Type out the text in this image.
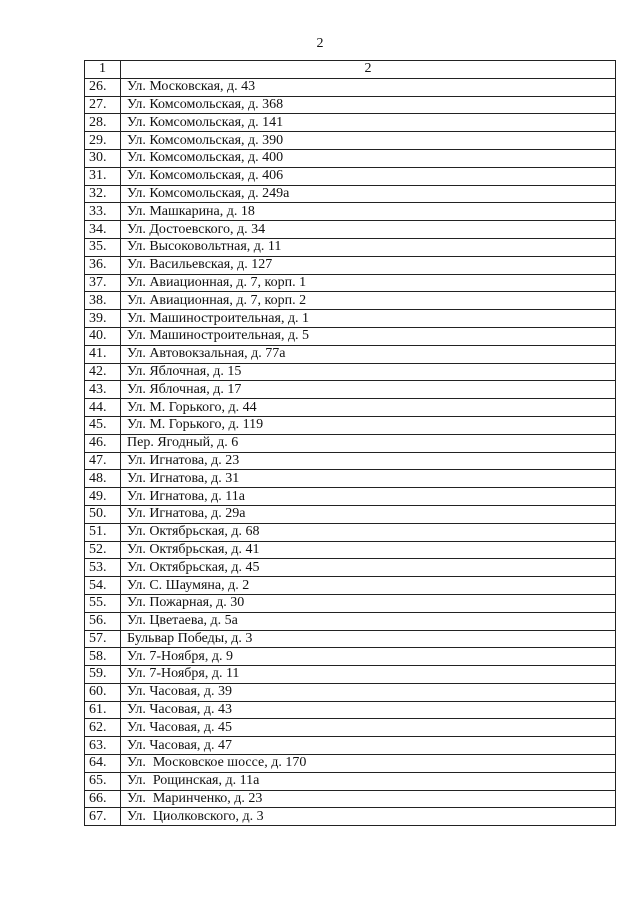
2
1	2
26.	Ул. Московская, д. 43
27.	Ул. Комсомольская, д. 368
28.	Ул. Комсомольская, д. 141
29.	Ул. Комсомольская, д. 390
30.	Ул. Комсомольская, д. 400
31.	Ул. Комсомольская, д. 406
32.	Ул. Комсомольская, д. 249а
33.	Ул. Машкарина, д. 18
34.	Ул. Достоевского, д. 34
35.	Ул. Высоковольтная, д. 11
36.	Ул. Васильевская, д. 127
37.	Ул. Авиационная, д. 7, корп. 1
38.	Ул. Авиационная, д. 7, корп. 2
39.	Ул. Машиностроительная, д. 1
40.	Ул. Машиностроительная, д. 5
41.	Ул. Автовокзальная, д. 77а
42.	Ул. Яблочная, д. 15
43.	Ул. Яблочная, д. 17
44.	Ул. М. Горького, д. 44
45.	Ул. М. Горького, д. 119
46.	Пер. Ягодный, д. 6
47.	Ул. Игнатова, д. 23
48.	Ул. Игнатова, д. 31
49.	Ул. Игнатова, д. 11а
50.	Ул. Игнатова, д. 29а
51.	Ул. Октябрьская, д. 68
52.	Ул. Октябрьская, д. 41
53.	Ул. Октябрьская, д. 45
54.	Ул. С. Шаумяна, д. 2
55.	Ул. Пожарная, д. 30
56.	Ул. Цветаева, д. 5а
57.	Бульвар Победы, д. 3
58.	Ул. 7-Ноября, д. 9
59.	Ул. 7-Ноября, д. 11
60.	Ул. Часовая, д. 39
61.	Ул. Часовая, д. 43
62.	Ул. Часовая, д. 45
63.	Ул. Часовая, д. 47
64.	Ул.  Московское шоссе, д. 170
65.	Ул.  Рощинская, д. 11а
66.	Ул.  Маринченко, д. 23
67.	Ул.  Циолковского, д. 3
